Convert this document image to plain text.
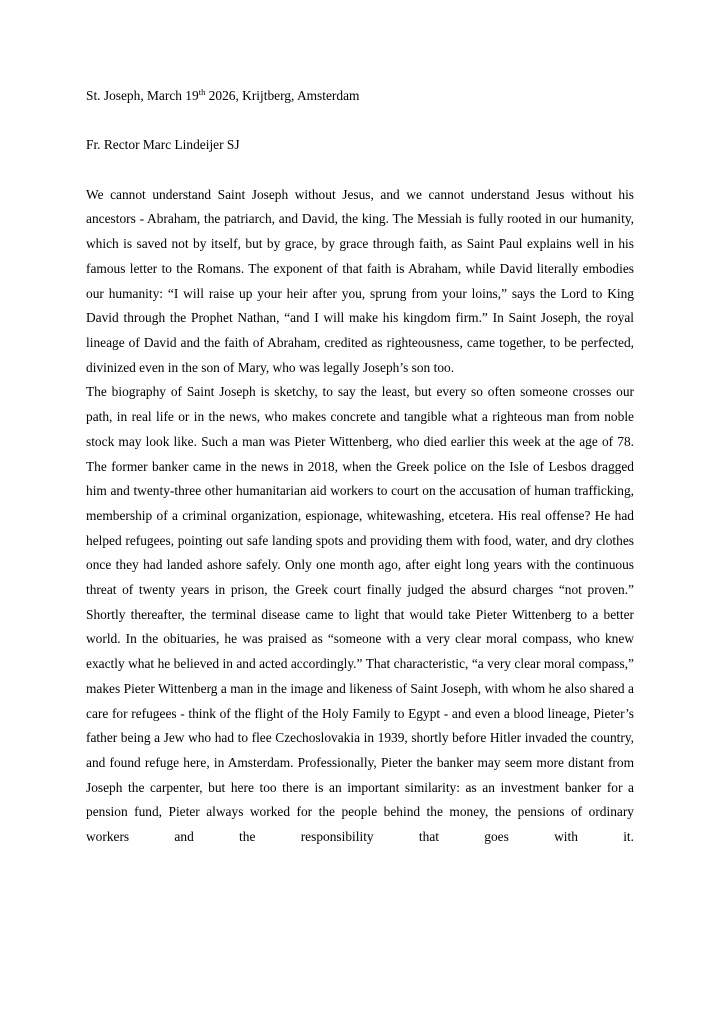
St. Joseph, March 19th 2026, Krijtberg, Amsterdam

Fr. Rector Marc Lindeijer SJ

We cannot understand Saint Joseph without Jesus, and we cannot understand Jesus without his ancestors - Abraham, the patriarch, and David, the king. The Messiah is fully rooted in our humanity, which is saved not by itself, but by grace, by grace through faith, as Saint Paul explains well in his famous letter to the Romans. The exponent of that faith is Abraham, while David literally embodies our humanity: “I will raise up your heir after you, sprung from your loins,” says the Lord to King David through the Prophet Nathan, “and I will make his kingdom firm.” In Saint Joseph, the royal lineage of David and the faith of Abraham, credited as righteousness, came together, to be perfected, divinized even in the son of Mary, who was legally Joseph’s son too.

The biography of Saint Joseph is sketchy, to say the least, but every so often someone crosses our path, in real life or in the news, who makes concrete and tangible what a righteous man from noble stock may look like. Such a man was Pieter Wittenberg, who died earlier this week at the age of 78. The former banker came in the news in 2018, when the Greek police on the Isle of Lesbos dragged him and twenty-three other humanitarian aid workers to court on the accusation of human trafficking, membership of a criminal organization, espionage, whitewashing, etcetera. His real offense? He had helped refugees, pointing out safe landing spots and providing them with food, water, and dry clothes once they had landed ashore safely. Only one month ago, after eight long years with the continuous threat of twenty years in prison, the Greek court finally judged the absurd charges “not proven.” Shortly thereafter, the terminal disease came to light that would take Pieter Wittenberg to a better world. In the obituaries, he was praised as “someone with a very clear moral compass, who knew exactly what he believed in and acted accordingly.” That characteristic, “a very clear moral compass,” makes Pieter Wittenberg a man in the image and likeness of Saint Joseph, with whom he also shared a care for refugees - think of the flight of the Holy Family to Egypt - and even a blood lineage, Pieter’s father being a Jew who had to flee Czechoslovakia in 1939, shortly before Hitler invaded the country, and found refuge here, in Amsterdam. Professionally, Pieter the banker may seem more distant from Joseph the carpenter, but here too there is an important similarity: as an investment banker for a pension fund, Pieter always worked for the people behind the money, the pensions of ordinary workers and the responsibility that goes with it.
